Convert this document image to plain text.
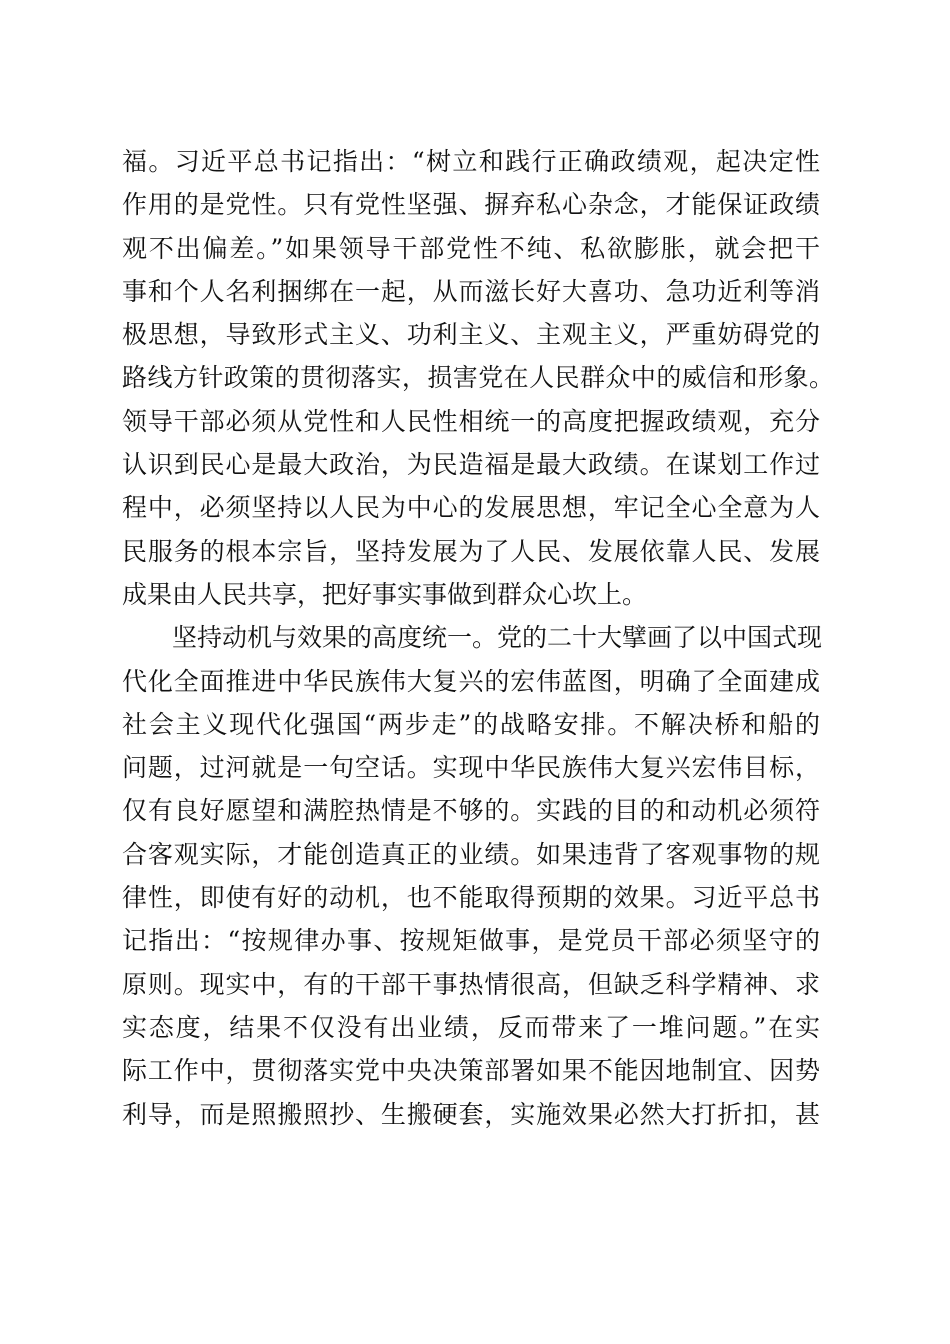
福。习近平总书记指出：“树立和践行正确政绩观，起决定性
作用的是党性。只有党性坚强、摒弃私心杂念，才能保证政绩
观不出偏差。”如果领导干部党性不纯、私欲膨胀，就会把干
事和个人名利捆绑在一起，从而滋长好大喜功、急功近利等消
极思想，导致形式主义、功利主义、主观主义，严重妨碍党的
路线方针政策的贯彻落实，损害党在人民群众中的威信和形象。
领导干部必须从党性和人民性相统一的高度把握政绩观，充分
认识到民心是最大政治，为民造福是最大政绩。在谋划工作过
程中，必须坚持以人民为中心的发展思想，牢记全心全意为人
民服务的根本宗旨，坚持发展为了人民、发展依靠人民、发展
成果由人民共享，把好事实事做到群众心坎上。
坚持动机与效果的高度统一。党的二十大擘画了以中国式现
代化全面推进中华民族伟大复兴的宏伟蓝图，明确了全面建成
社会主义现代化强国“两步走”的战略安排。不解决桥和船的
问题，过河就是一句空话。实现中华民族伟大复兴宏伟目标，
仅有良好愿望和满腔热情是不够的。实践的目的和动机必须符
合客观实际，才能创造真正的业绩。如果违背了客观事物的规
律性，即使有好的动机，也不能取得预期的效果。习近平总书
记指出：“按规律办事、按规矩做事，是党员干部必须坚守的
原则。现实中，有的干部干事热情很高，但缺乏科学精神、求
实态度，结果不仅没有出业绩，反而带来了一堆问题。”在实
际工作中，贯彻落实党中央决策部署如果不能因地制宜、因势
利导，而是照搬照抄、生搬硬套，实施效果必然大打折扣，甚
